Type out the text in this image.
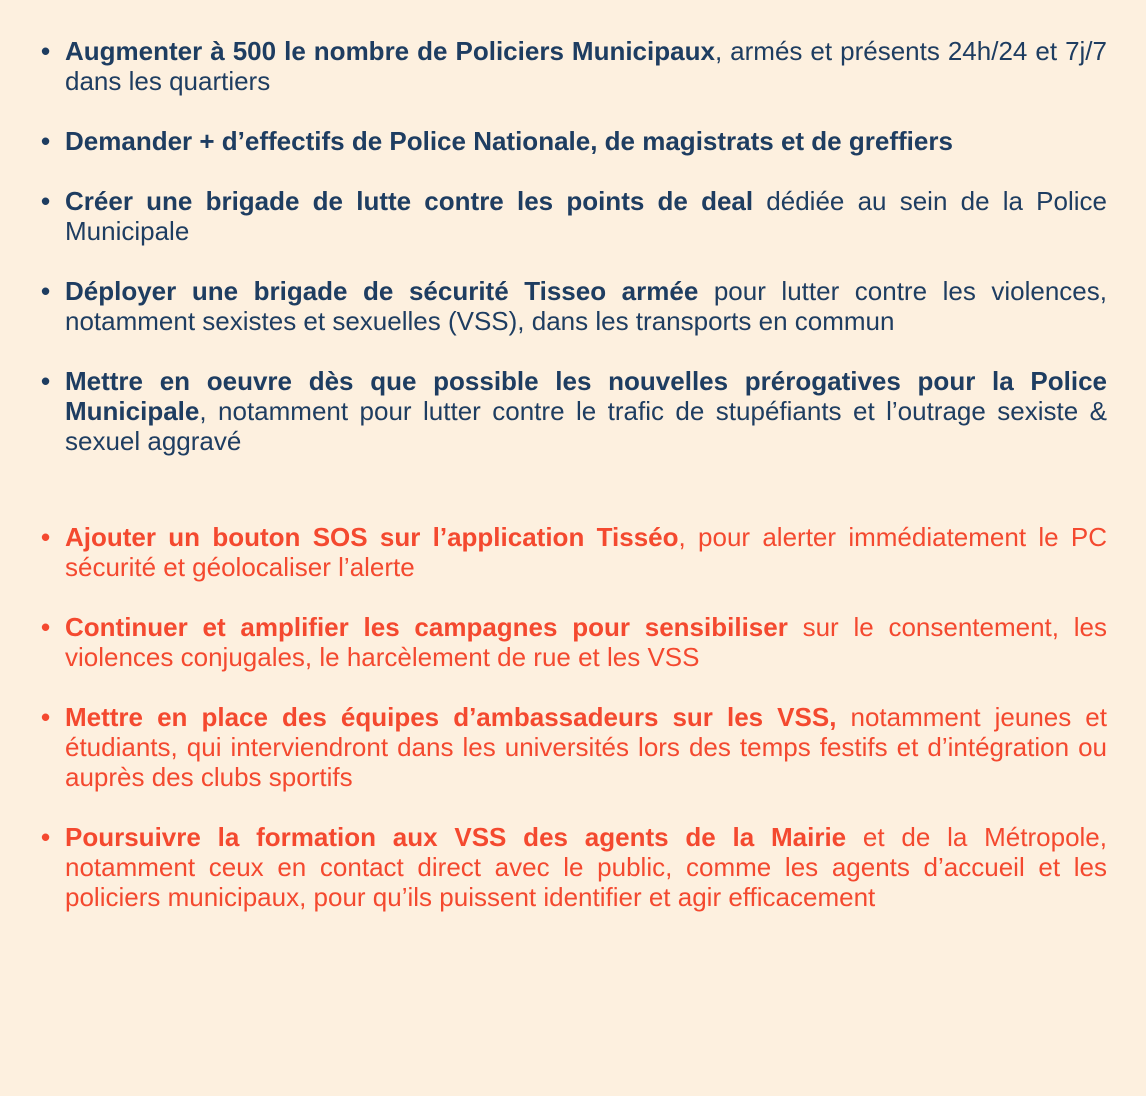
• Augmenter à 500 le nombre de Policiers Municipaux, armés et présents 24h/24 et 7j/7 dans les quartiers
• Demander + d’effectifs de Police Nationale, de magistrats et de greffiers
• Créer une brigade de lutte contre les points de deal dédiée au sein de la Police Municipale
• Déployer une brigade de sécurité Tisseo armée pour lutter contre les violences, notamment sexistes et sexuelles (VSS), dans les transports en commun
• Mettre en oeuvre dès que possible les nouvelles prérogatives pour la Police Municipale, notamment pour lutter contre le trafic de stupéfiants et l’outrage sexiste & sexuel aggravé
• Ajouter un bouton SOS sur l’application Tisséo, pour alerter immédiatement le PC sécurité et géolocaliser l’alerte
• Continuer et amplifier les campagnes pour sensibiliser sur le consentement, les violences conjugales, le harcèlement de rue et les VSS
• Mettre en place des équipes d’ambassadeurs sur les VSS, notamment jeunes et étudiants, qui interviendront dans les universités lors des temps festifs et d’intégration ou auprès des clubs sportifs
• Poursuivre la formation aux VSS des agents de la Mairie et de la Métropole, notamment ceux en contact direct avec le public, comme les agents d’accueil et les policiers municipaux, pour qu’ils puissent identifier et agir efficacement
